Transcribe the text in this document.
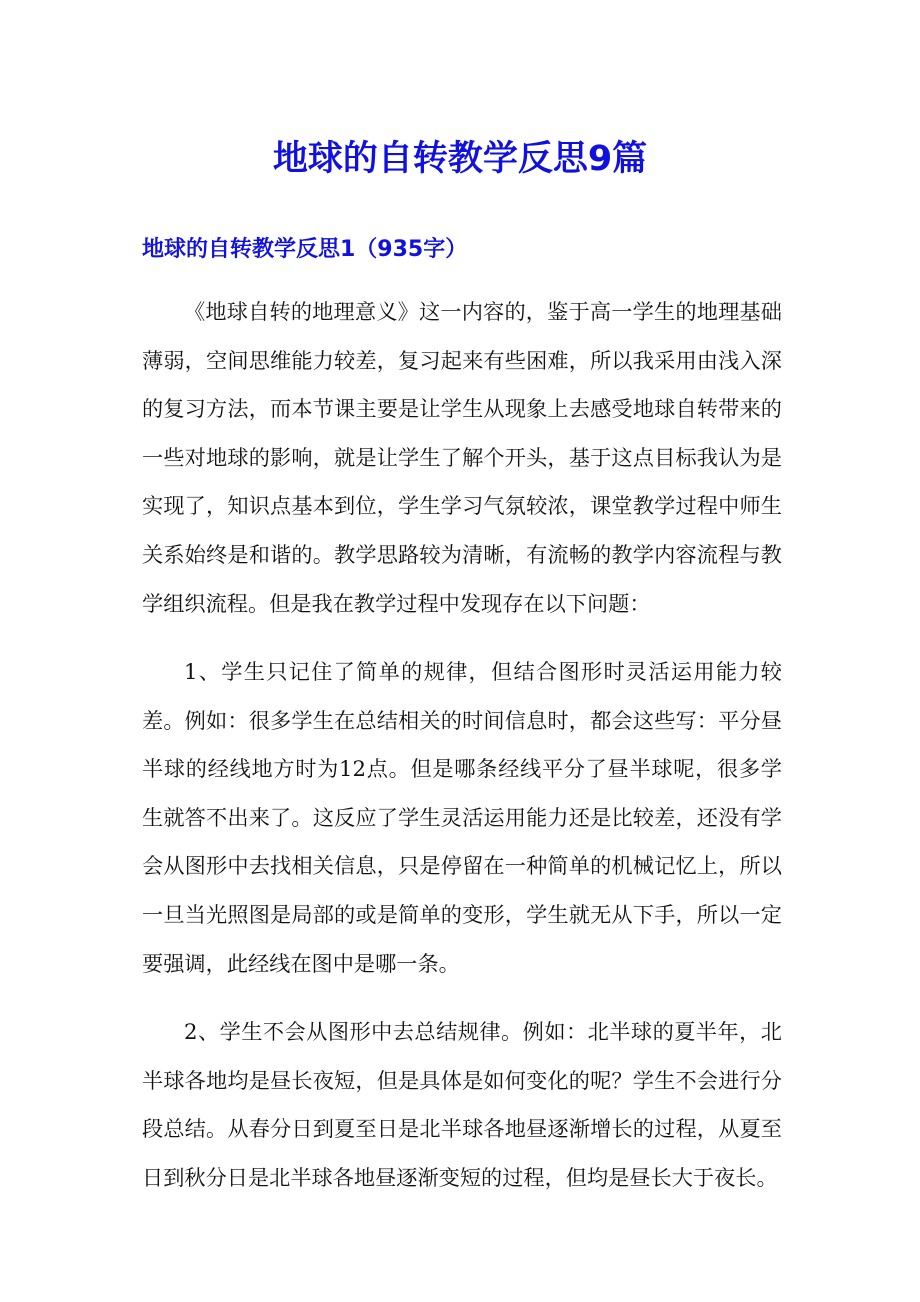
地球的自转教学反思9篇
地球的自转教学反思1（935字）

《地球自转的地理意义》这一内容的，鉴于高一学生的地理基础薄弱，空间思维能力较差，复习起来有些困难，所以我采用由浅入深的复习方法，而本节课主要是让学生从现象上去感受地球自转带来的一些对地球的影响，就是让学生了解个开头，基于这点目标我认为是实现了，知识点基本到位，学生学习气氛较浓，课堂教学过程中师生关系始终是和谐的。教学思路较为清晰，有流畅的教学内容流程与教学组织流程。但是我在教学过程中发现存在以下问题：

1、学生只记住了简单的规律，但结合图形时灵活运用能力较差。例如：很多学生在总结相关的时间信息时，都会这些写：平分昼半球的经线地方时为12点。但是哪条经线平分了昼半球呢，很多学生就答不出来了。这反应了学生灵活运用能力还是比较差，还没有学会从图形中去找相关信息，只是停留在一种简单的机械记忆上，所以一旦当光照图是局部的或是简单的变形，学生就无从下手，所以一定要强调，此经线在图中是哪一条。

2、学生不会从图形中去总结规律。例如：北半球的夏半年，北半球各地均是昼长夜短，但是具体是如何变化的呢？学生不会进行分段总结。从春分日到夏至日是北半球各地昼逐渐增长的过程，从夏至日到秋分日是北半球各地昼逐渐变短的过程，但均是昼长大于夜长。
